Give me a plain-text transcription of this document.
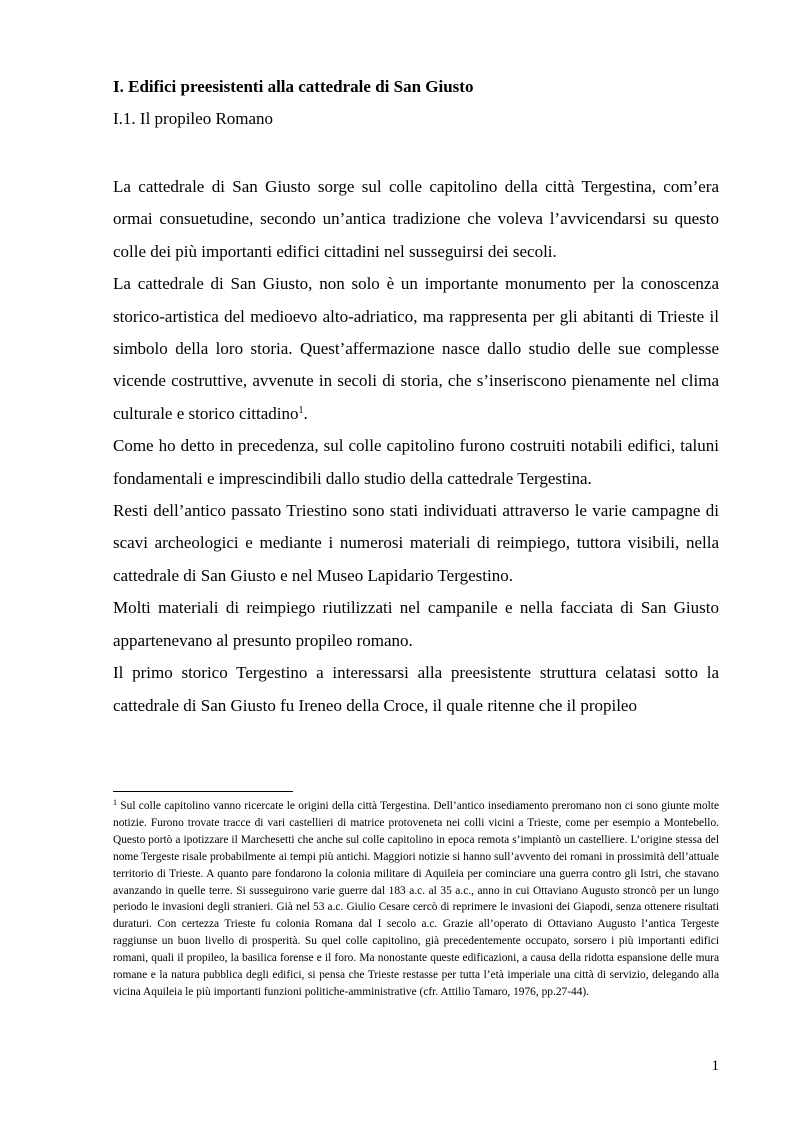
I. Edifici preesistenti alla cattedrale di San Giusto
I.1. Il propileo Romano

La cattedrale di San Giusto sorge sul colle capitolino della città Tergestina, com’era ormai consuetudine, secondo un’antica tradizione che voleva l’avvicendarsi su questo colle dei più importanti edifici cittadini nel susseguirsi dei secoli.

La cattedrale di San Giusto, non solo è un importante monumento per la conoscenza storico-artistica del medioevo alto-adriatico, ma rappresenta per gli abitanti di Trieste il simbolo della loro storia. Quest’affermazione nasce dallo studio delle sue complesse vicende costruttive, avvenute in secoli di storia, che s’inseriscono pienamente nel clima culturale e storico cittadino$^1$.

Come ho detto in precedenza, sul colle capitolino furono costruiti notabili edifici, taluni fondamentali e imprescindibili dallo studio della cattedrale Tergestina.

Resti dell’antico passato Triestino sono stati individuati attraverso le varie campagne di scavi archeologici e mediante i numerosi materiali di reimpiego, tuttora visibili, nella cattedrale di San Giusto e nel Museo Lapidario Tergestino.

Molti materiali di reimpiego riutilizzati nel campanile e nella facciata di San Giusto appartenevano al presunto propileo romano.

Il primo storico Tergestino a interessarsi alla preesistente struttura celatasi sotto la cattedrale di San Giusto fu Ireneo della Croce, il quale ritenne che il propileo

$^1$ Sul colle capitolino vanno ricercate le origini della città Tergestina. Dell’antico insediamento preromano non ci sono giunte molte notizie. Furono trovate tracce di vari castellieri di matrice protoveneta nei colli vicini a Trieste, come per esempio a Montebello. Questo portò a ipotizzare il Marchesetti che anche sul colle capitolino in epoca remota s’impiantò un castelliere. L’origine stessa del nome Tergeste risale probabilmente ai tempi più antichi. Maggiori notizie si hanno sull’avvento dei romani in prossimità dell’attuale territorio di Trieste. A quanto pare fondarono la colonia militare di Aquileia per cominciare una guerra contro gli Istri, che stavano avanzando in quelle terre. Si susseguirono varie guerre dal 183 a.c. al 35 a.c., anno in cui Ottaviano Augusto stroncò per un lungo periodo le invasioni degli stranieri. Già nel 53 a.c. Giulio Cesare cercò di reprimere le invasioni dei Giapodi, senza ottenere risultati duraturi. Con certezza Trieste fu colonia Romana dal I secolo a.c. Grazie all’operato di Ottaviano Augusto l’antica Tergeste raggiunse un buon livello di prosperità. Su quel colle capitolino, già precedentemente occupato, sorsero i più importanti edifici romani, quali il propileo, la basilica forense e il foro. Ma nonostante queste edificazioni, a causa della ridotta espansione delle mura romane e la natura pubblica degli edifici, si pensa che Trieste restasse per tutta l’età imperiale una città di servizio, delegando alla vicina Aquileia le più importanti funzioni politiche-amministrative (cfr. Attilio Tamaro, 1976, pp.27-44).

1
